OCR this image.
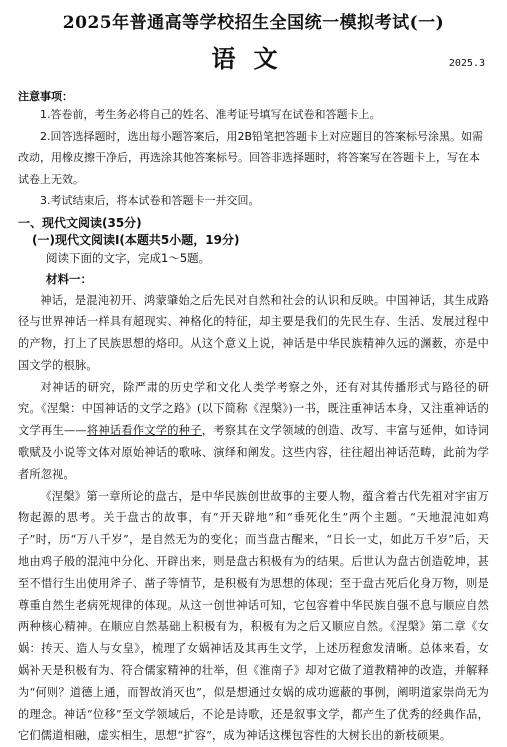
2025年普通高等学校招生全国统一模拟考试(一)
语文	2025.3
注意事项：
1.答卷前，考生务必将自己的姓名、准考证号填写在试卷和答题卡上。
2.回答选择题时，选出每小题答案后，用2B铅笔把答题卡上对应题目的答案标号涂黑。如需改动，用橡皮擦干净后，再选涂其他答案标号。回答非选择题时，将答案写在答题卡上，写在本试卷上无效。
3.考试结束后，将本试卷和答题卡一并交回。
一、现代文阅读(35分)
(一)现代文阅读Ⅰ(本题共5小题，19分)
阅读下面的文字，完成1～5题。
材料一：

神话，是混沌初开、鸿蒙肇始之后先民对自然和社会的认识和反映。中国神话，其生成路径与世界神话一样具有超现实、神格化的特征，却主要是我们的先民生存、生活、发展过程中的产物，打上了民族思想的烙印。从这个意义上说，神话是中华民族精神久远的渊薮，亦是中国文学的根脉。

对神话的研究，除严肃的历史学和文化人类学考察之外，还有对其传播形式与路径的研究。《涅槃：中国神话的文学之路》(以下简称《涅槃》)一书，既注重神话本身，又注重神话的文学再生——将神话看作文学的种子，考察其在文学领域的创造、改写、丰富与延伸，如诗词歌赋及小说等文体对原始神话的歌咏、演绎和阐发。这些内容，往往超出神话范畴，此前为学者所忽视。

《涅槃》第一章所论的盘古，是中华民族创世故事的主要人物，蕴含着古代先祖对宇宙万物起源的思考。关于盘古的故事，有“开天辟地”和“垂死化生”两个主题。“天地混沌如鸡子”时，历“万八千岁”，是自然无为的变化；而当盘古醒来，“日长一丈，如此万千岁”后，天地由鸡子般的混沌中分化、开辟出来，则是盘古积极有为的结果。后世认为盘古创造乾坤，甚至不惜行生出使用斧子、凿子等情节，是积极有为思想的体现；至于盘古死后化身万物，则是尊重自然生老病死规律的体现。从这一创世神话可知，它包容着中华民族自强不息与顺应自然两种核心精神。在顺应自然基础上积极有为，积极有为之后又顺应自然。《涅槃》第二章《女娲：抟天、造人与女皇》，梳理了女娲神话及其再生文学，上述历程愈发清晰。总体来看，女娲补天是积极有为、符合儒家精神的壮举，但《淮南子》却对它做了道教精神的改造，并解释为“何则？道德上通，而智故消灭也”，似是想通过女娲的成功遮蔽的事例，阐明道家崇尚无为的理念。神话“位移”至文学领域后，不论是诗歌，还是叙事文学，都产生了优秀的经典作品，它们儒道相融，虚实相生，思想“扩容”，成为神话这棵包容性的大树长出的新枝硕果。
